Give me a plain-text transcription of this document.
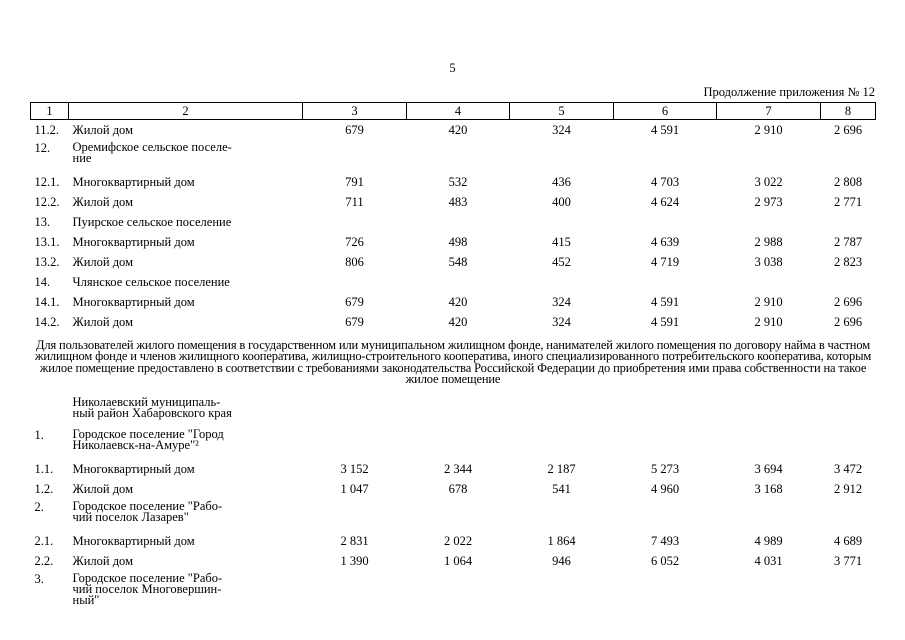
5
Продолжение приложения № 12
1	2	3	4	5	6	7	8
11.2.	Жилой дом	679	420	324	4 591	2 910	2 696
12.	Оремифское сельское поселе-
ние						

12.1.	Многоквартирный дом	791	532	436	4 703	3 022	2 808
12.2.	Жилой дом	711	483	400	4 624	2 973	2 771
13.	Пуирское сельское поселение						

13.1.	Многоквартирный дом	726	498	415	4 639	2 988	2 787
13.2.	Жилой дом	806	548	452	4 719	3 038	2 823
14.	Члянское сельское поселение						

14.1.	Многоквартирный дом	679	420	324	4 591	2 910	2 696
14.2.	Жилой дом	679	420	324	4 591	2 910	2 696
Для пользователей жилого помещения в государственном или муниципальном жилищном фонде, нанимателей жилого помещения по договору найма в частном жилищном фонде и членов жилищного кооператива, жилищно-строительного кооператива, иного специализированного потребительского кооператива, которым жилое помещение предоставлено в соответствии с требованиями законодательства Российской Федерации до приобретения ими права собственности на такое жилое помещение							

	Николаевский муниципаль-
ный район Хабаровского края						

1.	Городское поселение "Город
Николаевск-на-Амуре"²						

1.1.	Многоквартирный дом	3 152	2 344	2 187	5 273	3 694	3 472
1.2.	Жилой дом	1 047	678	541	4 960	3 168	2 912
2.	Городское поселение "Рабо-
чий поселок Лазарев"						

2.1.	Многоквартирный дом	2 831	2 022	1 864	7 493	4 989	4 689
2.2.	Жилой дом	1 390	1 064	946	6 052	4 031	3 771
3.	Городское поселение "Рабо-
чий поселок Многовершин-
ный"						
